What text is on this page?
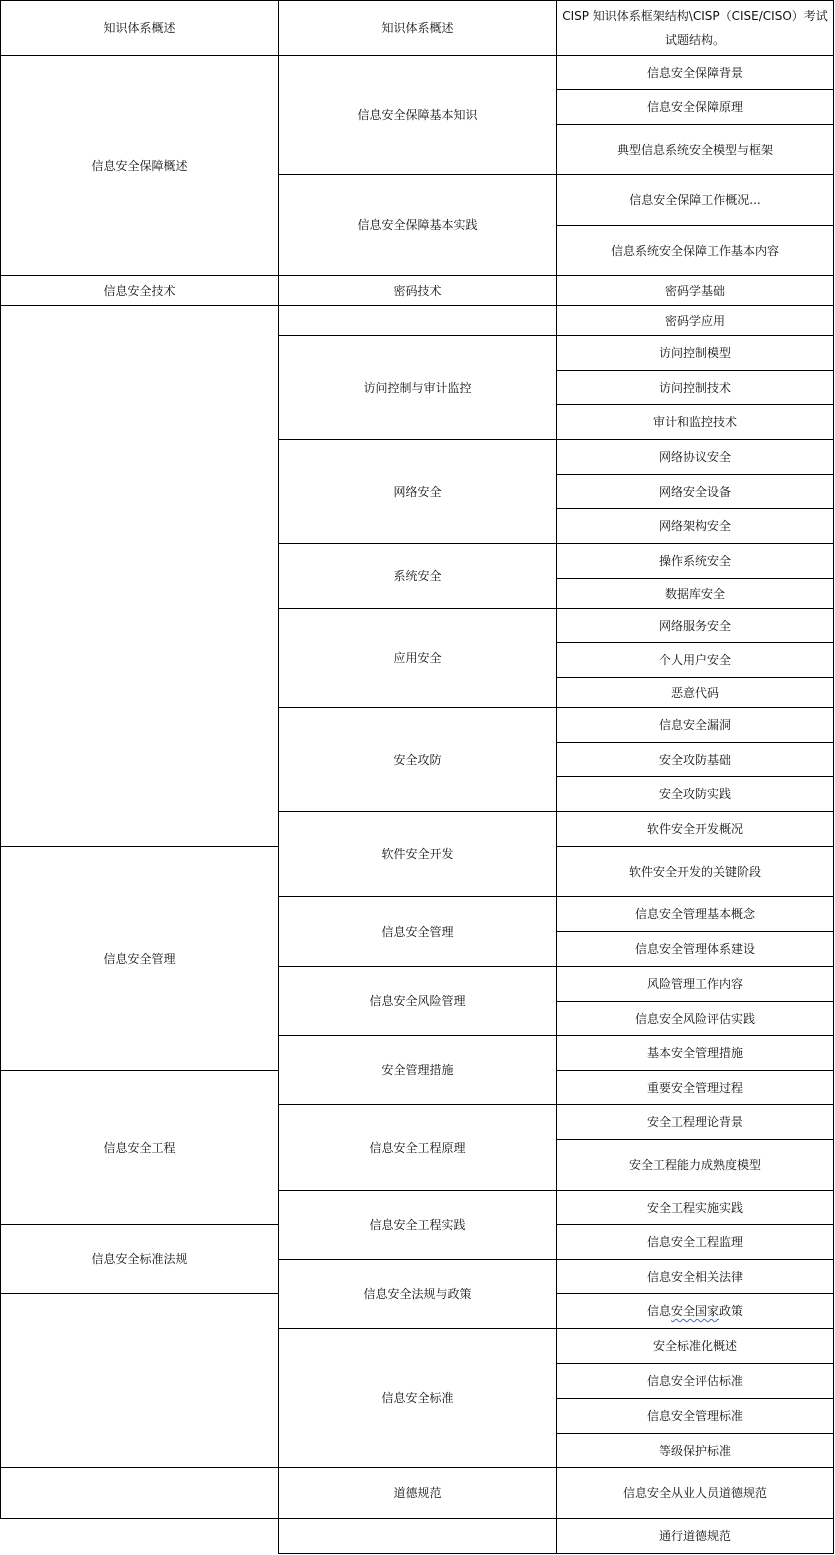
知识体系概述	知识体系概述
CISP 知识体系框架结构\CISP（CISE/CISO）考试试题结构。
信息安全保障背景
信息安全保障原理
典型信息系统安全模型与框架
信息安全保障工作概况...
信息系统安全保障工作基本内容
密码学基础
密码学应用
访问控制模型
访问控制技术
审计和监控技术
网络协议安全
网络安全设备
网络架构安全
操作系统安全
数据库安全
网络服务安全
个人用户安全
恶意代码
信息安全漏洞
安全攻防基础
安全攻防实践
软件安全开发概况
软件安全开发的关键阶段
信息安全管理基本概念
信息安全管理体系建设
风险管理工作内容
信息安全风险评估实践
基本安全管理措施
重要安全管理过程
安全工程理论背景
安全工程能力成熟度模型
安全工程实施实践
信息安全工程监理
信息安全相关法律
信息安全国家政策
安全标准化概述
信息安全评估标准
信息安全管理标准
等级保护标准
信息安全从业人员道德规范
通行道德规范
信息安全保障基本知识
信息安全保障基本实践
密码技术
访问控制与审计监控
网络安全
系统安全
应用安全
安全攻防
软件安全开发
信息安全管理
信息安全风险管理
安全管理措施
信息安全工程原理
信息安全工程实践
信息安全法规与政策
信息安全标准
道德规范
信息安全保障概述
信息安全技术
信息安全管理
信息安全工程
信息安全标准法规
